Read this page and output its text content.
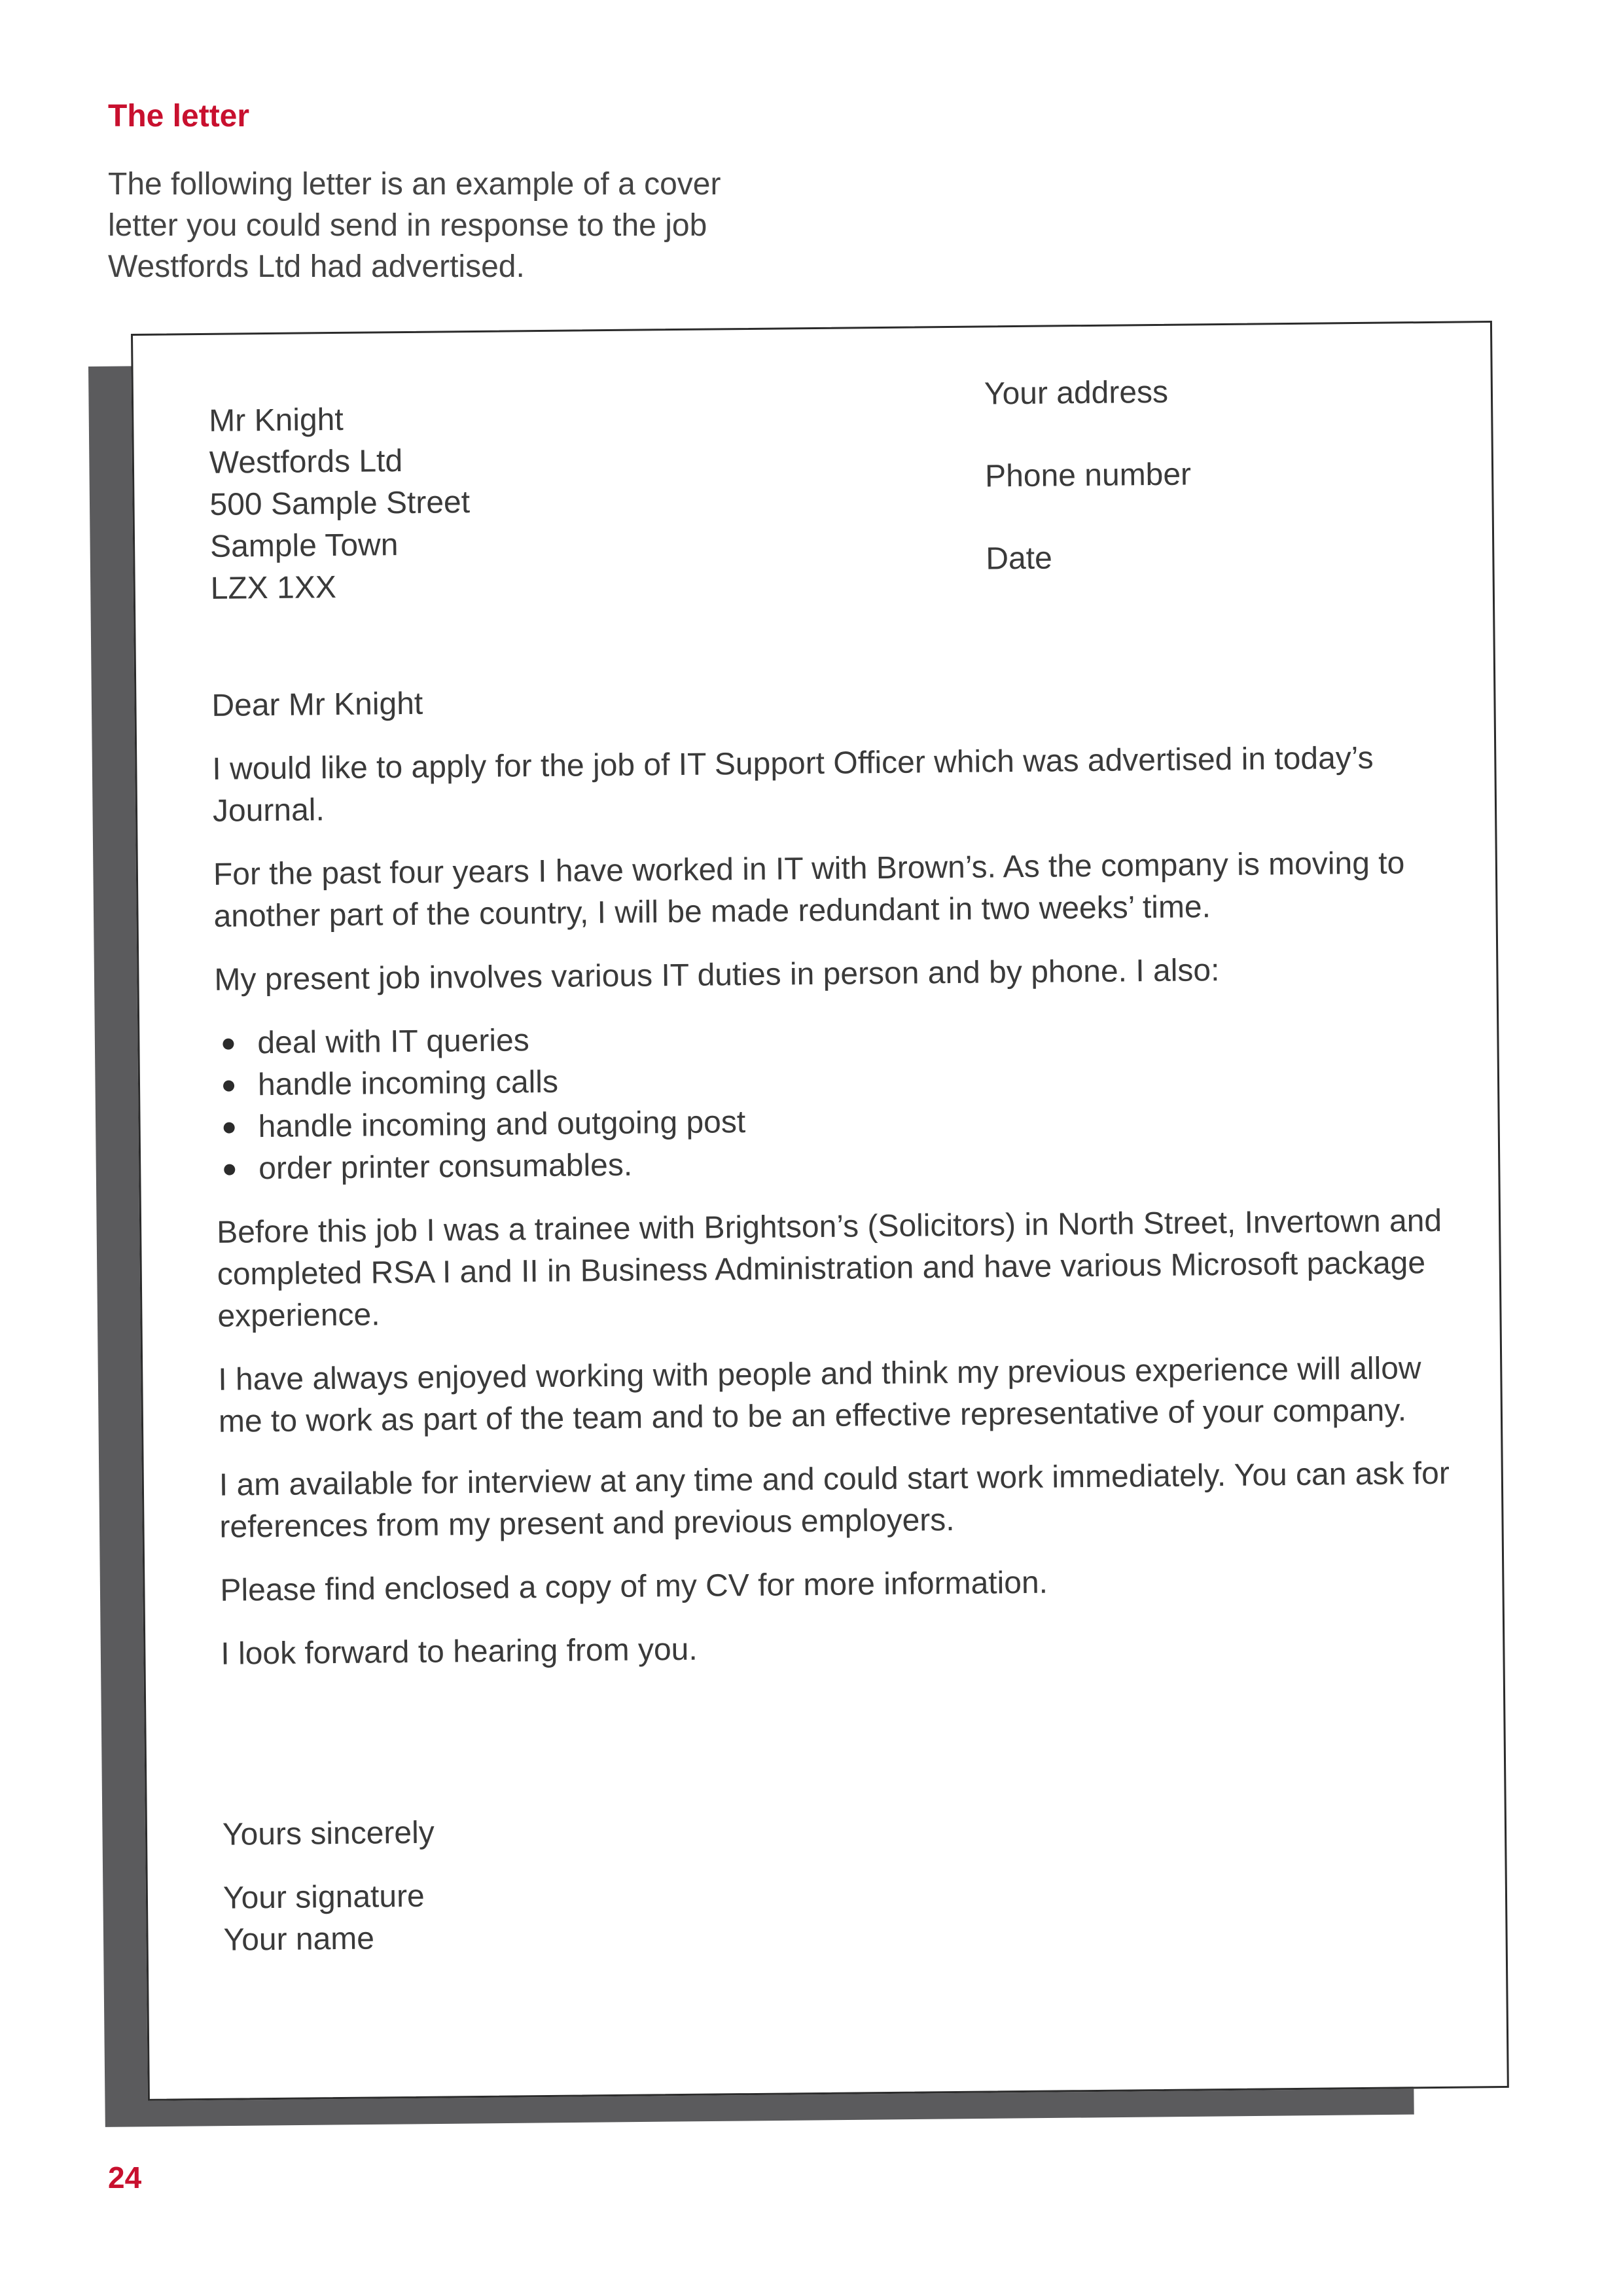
The letter

The following letter is an example of a cover letter you could send in response to the job Westfords Ltd had advertised.

Mr Knight
Westfords Ltd
500 Sample Street
Sample Town
LZX 1XX
Your address
Phone number
Date

Dear Mr Knight

I would like to apply for the job of IT Support Officer which was advertised in today’s Journal.

For the past four years I have worked in IT with Brown’s. As the company is moving to another part of the country, I will be made redundant in two weeks’ time.

My present job involves various IT duties in person and by phone. I also:

deal with IT queries
handle incoming calls
handle incoming and outgoing post
order printer consumables.

Before this job I was a trainee with Brightson’s (Solicitors) in North Street, Invertown and completed RSA I and II in Business Administration and have various Microsoft package experience.

I have always enjoyed working with people and think my previous experience will allow me to work as part of the team and to be an effective representative of your company.

I am available for interview at any time and could start work immediately. You can ask for references from my present and previous employers.

Please find enclosed a copy of my CV for more information.

I look forward to hearing from you.

Yours sincerely
Your signature
Your name
24
